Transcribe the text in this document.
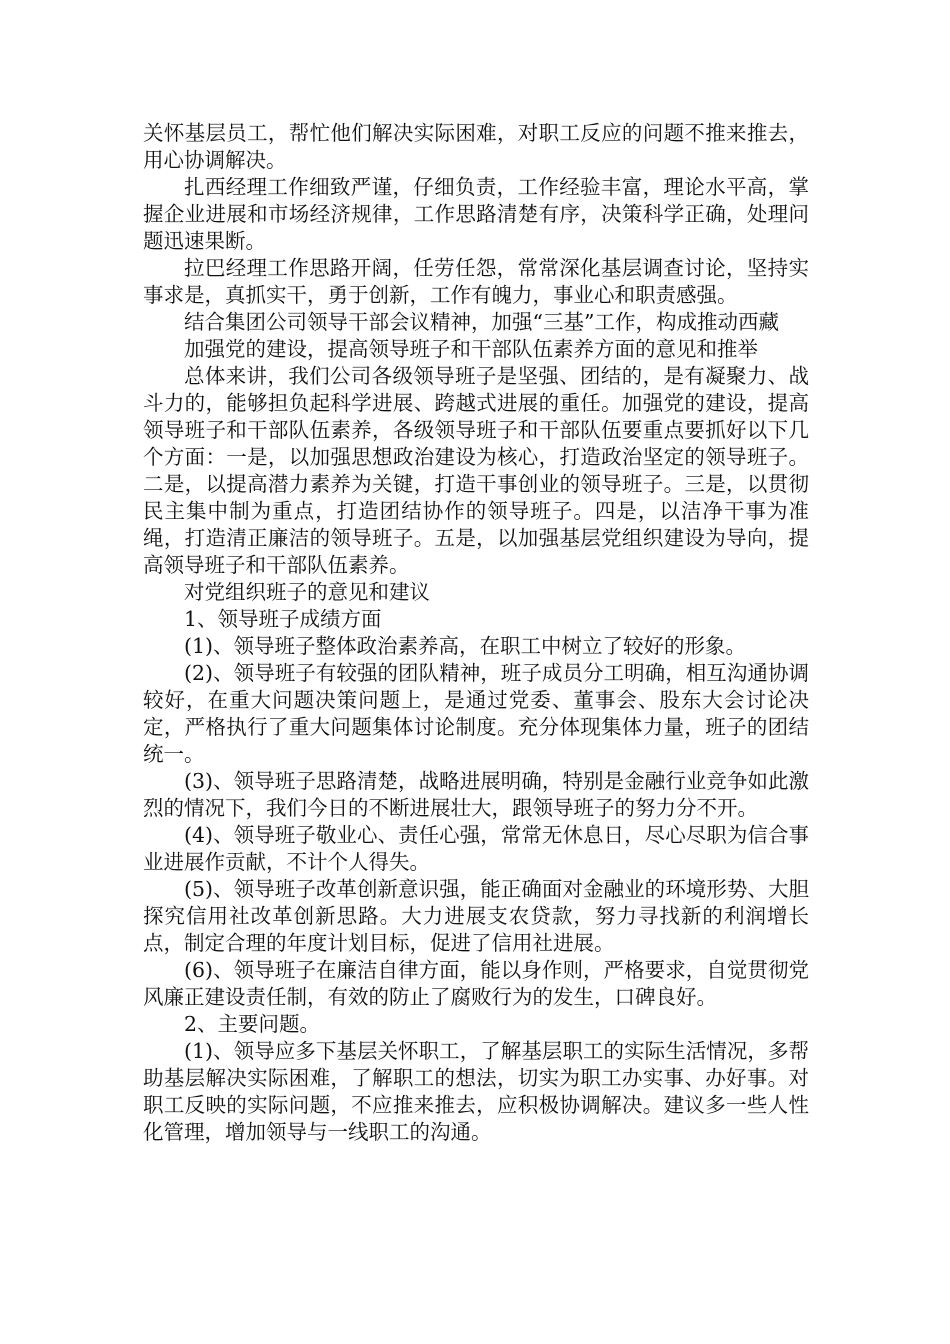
关怀基层员工，帮忙他们解决实际困难，对职工反应的问题不推来推去，用心协调解决。

扎西经理工作细致严谨，仔细负责，工作经验丰富，理论水平高，掌握企业进展和市场经济规律，工作思路清楚有序，决策科学正确，处理问题迅速果断。

拉巴经理工作思路开阔，任劳任怨，常常深化基层调查讨论，坚持实事求是，真抓实干，勇于创新，工作有魄力，事业心和职责感强。

结合集团公司领导干部会议精神，加强“三基”工作，构成推动西藏

加强党的建设，提高领导班子和干部队伍素养方面的意见和推举

总体来讲，我们公司各级领导班子是坚强、团结的，是有凝聚力、战斗力的，能够担负起科学进展、跨越式进展的重任。加强党的建设，提高领导班子和干部队伍素养，各级领导班子和干部队伍要重点要抓好以下几个方面：一是，以加强思想政治建设为核心，打造政治坚定的领导班子。二是，以提高潜力素养为关键，打造干事创业的领导班子。三是，以贯彻民主集中制为重点，打造团结协作的领导班子。四是，以洁净干事为准绳，打造清正廉洁的领导班子。五是，以加强基层党组织建设为导向，提高领导班子和干部队伍素养。

对党组织班子的意见和建议

1、领导班子成绩方面

(1)、领导班子整体政治素养高，在职工中树立了较好的形象。

(2)、领导班子有较强的团队精神，班子成员分工明确，相互沟通协调较好，在重大问题决策问题上，是通过党委、董事会、股东大会讨论决定，严格执行了重大问题集体讨论制度。充分体现集体力量，班子的团结统一。

(3)、领导班子思路清楚，战略进展明确，特别是金融行业竞争如此激烈的情况下，我们今日的不断进展壮大，跟领导班子的努力分不开。

(4)、领导班子敬业心、责任心强，常常无休息日，尽心尽职为信合事业进展作贡献，不计个人得失。

(5)、领导班子改革创新意识强，能正确面对金融业的环境形势、大胆探究信用社改革创新思路。大力进展支农贷款，努力寻找新的利润增长点，制定合理的年度计划目标，促进了信用社进展。

(6)、领导班子在廉洁自律方面，能以身作则，严格要求，自觉贯彻党风廉正建设责任制，有效的防止了腐败行为的发生，口碑良好。

2、主要问题。

(1)、领导应多下基层关怀职工，了解基层职工的实际生活情况，多帮助基层解决实际困难，了解职工的想法，切实为职工办实事、办好事。对职工反映的实际问题，不应推来推去，应积极协调解决。建议多一些人性化管理，增加领导与一线职工的沟通。
